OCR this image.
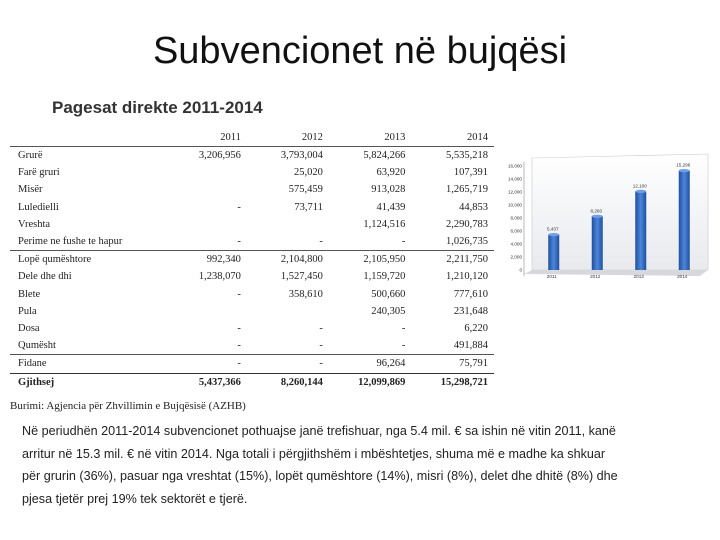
Subvencionet në bujqësi
Pagesat direkte 2011-2014
	2011	2012	2013	2014
Grurë	3,206,956	3,793,004	5,824,266	5,535,218
Farë gruri		25,020	63,920	107,391
Misër		575,459	913,028	1,265,719
Luledielli	-	73,711	41,439	44,853
Vreshta			1,124,516	2,290,783
Perime ne fushe te hapur	-	-	-	1,026,735
Lopë qumështore	992,340	2,104,800	2,105,950	2,211,750
Dele dhe dhi	1,238,070	1,527,450	1,159,720	1,210,120
Blete	-	358,610	500,660	777,610
Pula			240,305	231,648
Dosa	-	-	-	6,220
Qumësht	-	-	-	491,884
Fidane	-	-	96,264	75,791
Gjithsej	5,437,366	8,260,144	12,099,869	15,298,721
Burimi: Agjencia për Zhvillimin e Bujqësisë (AZHB)

Në periudhën 2011-2014 subvencionet pothuajse janë trefishuar, nga 5.4 mil. € sa ishin në vitin 2011, kanë arritur në 15.3 mil. € në vitin 2014. Nga totali i përgjithshëm i mbështetjes, shuma më e madhe ka shkuar për grurin (36%), pasuar nga vreshtat (15%), lopët qumështore (14%), misri (8%), delet dhe dhitë (8%) dhe pjesa tjetër prej 19% tek sektorët e tjerë.

0
2,000
4,000
6,000
8,000
10,000
12,000
14,000
16,000
5,437
2011
8,260
2012
12,100
2013
15,296
2014
